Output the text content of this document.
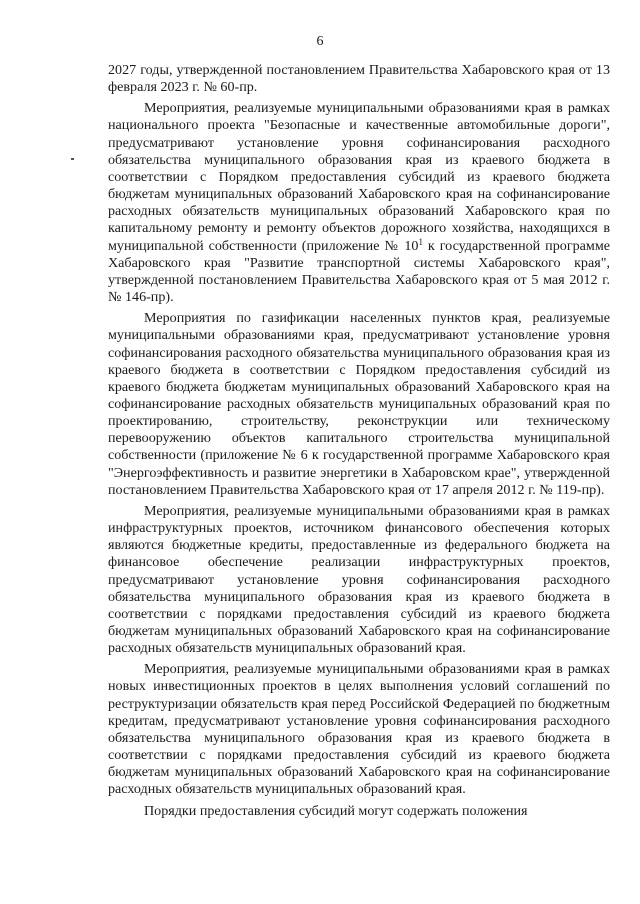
6

2027 годы, утвержденной постановлением Правительства Хабаровского края от 13 февраля 2023 г. № 60-пр.

Мероприятия, реализуемые муниципальными образованиями края в рамках национального проекта "Безопасные и качественные автомобильные дороги", предусматривают установление уровня софинансирования расходного обязательства муниципального образования края из краевого бюджета в соответствии с Порядком предоставления субсидий из краевого бюджета бюджетам муниципальных образований Хабаровского края на софинансирование расходных обязательств муниципальных образований Хабаровского края по капитальному ремонту и ремонту объектов дорожного хозяйства, находящихся в муниципальной собственности (приложение № $10^1$ к государственной программе Хабаровского края "Развитие транспортной системы Хабаровского края", утвержденной постановлением Правительства Хабаровского края от 5 мая 2012 г. № 146-пр).

Мероприятия по газификации населенных пунктов края, реализуемые муниципальными образованиями края, предусматривают установление уровня софинансирования расходного обязательства муниципального образования края из краевого бюджета в соответствии с Порядком предоставления субсидий из краевого бюджета бюджетам муниципальных образований Хабаровского края на софинансирование расходных обязательств муниципальных образований края по проектированию, строительству, реконструкции или техническому перевооружению объектов капитального строительства муниципальной собственности (приложение № 6 к государственной программе Хабаровского края "Энергоэффективность и развитие энергетики в Хабаровском крае", утвержденной постановлением Правительства Хабаровского края от 17 апреля 2012 г. № 119-пр).

Мероприятия, реализуемые муниципальными образованиями края в рамках инфраструктурных проектов, источником финансового обеспечения которых являются бюджетные кредиты, предоставленные из федерального бюджета на финансовое обеспечение реализации инфраструктурных проектов, предусматривают установление уровня софинансирования расходного обязательства муниципального образования края из краевого бюджета в соответствии с порядками предоставления субсидий из краевого бюджета бюджетам муниципальных образований Хабаровского края на софинансирование расходных обязательств муниципальных образований края.

Мероприятия, реализуемые муниципальными образованиями края в рамках новых инвестиционных проектов в целях выполнения условий соглашений по реструктуризации обязательств края перед Российской Федерацией по бюджетным кредитам, предусматривают установление уровня софинансирования расходного обязательства муниципального образования края из краевого бюджета в соответствии с порядками предоставления субсидий из краевого бюджета бюджетам муниципальных образований Хабаровского края на софинансирование расходных обязательств муниципальных образований края.

Порядки предоставления субсидий могут содержать положения
